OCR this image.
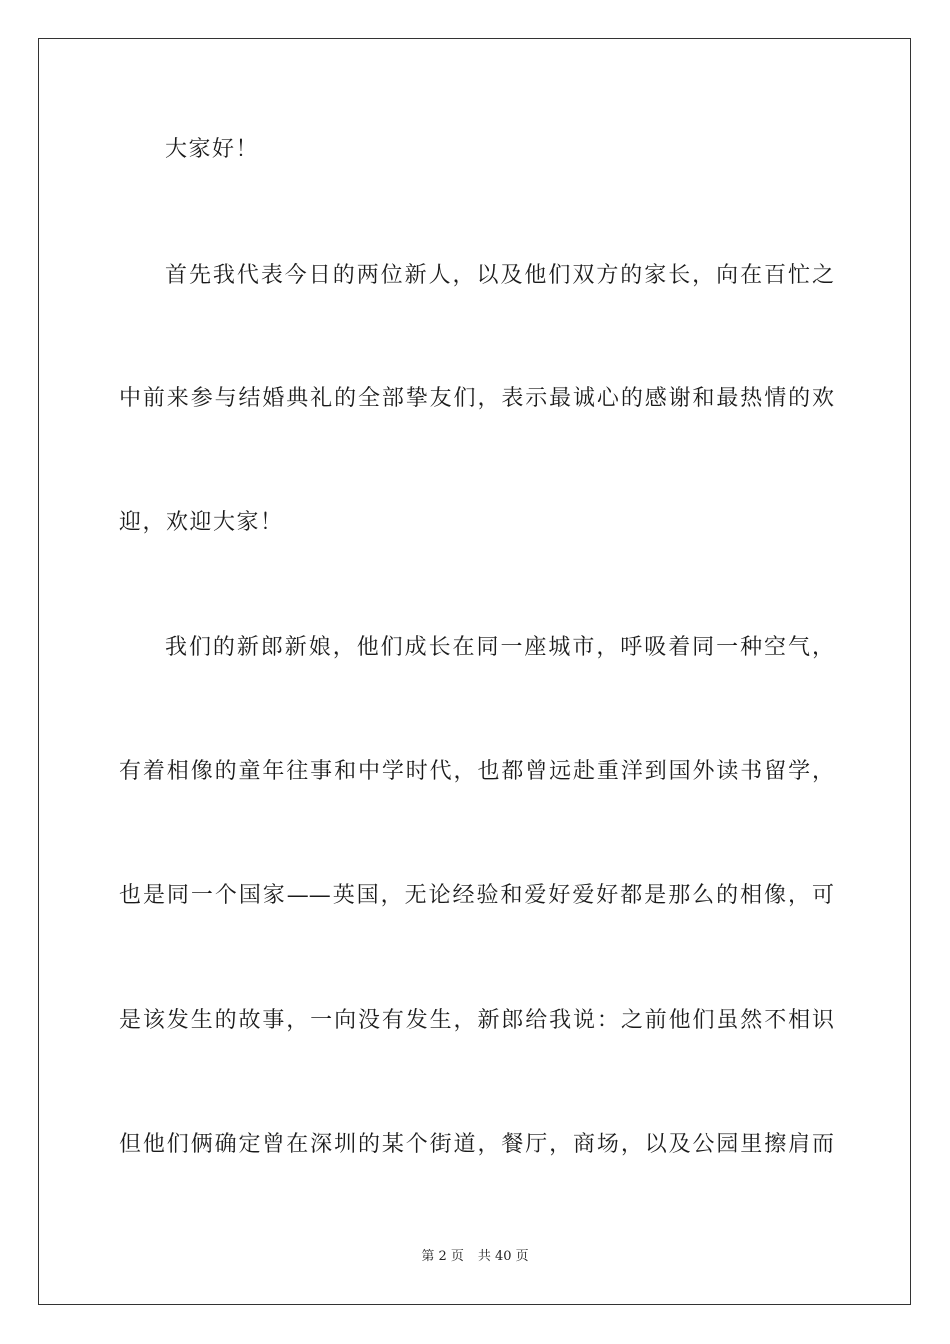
大家好！
首先我代表今日的两位新人，以及他们双方的家长，向在百忙之
中前来参与结婚典礼的全部挚友们，表示最诚心的感谢和最热情的欢
迎，欢迎大家！
我们的新郎新娘，他们成长在同一座城市，呼吸着同一种空气，
有着相像的童年往事和中学时代，也都曾远赴重洋到国外读书留学，
也是同一个国家——英国，无论经验和爱好爱好都是那么的相像，可
是该发生的故事，一向没有发生，新郎给我说：之前他们虽然不相识
但他们俩确定曾在深圳的某个街道，餐厅，商场，以及公园里擦肩而
第 2 页 共 40 页
